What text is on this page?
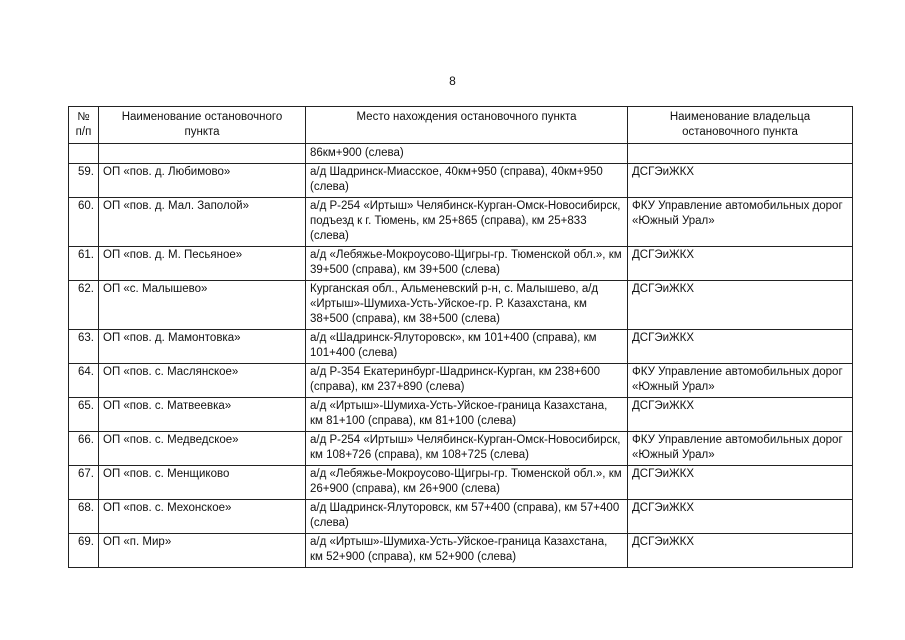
8
№ п/п	Наименование остановочного пункта	Место нахождения остановочного пункта	Наименование владельца остановочного пункта
		86км+900 (слева)	
59.	ОП «пов. д. Любимово»	а/д Шадринск-Миасское, 40км+950 (справа), 40км+950 (слева)	ДСГЭиЖКХ
60.	ОП «пов. д. Мал. Заполой»	а/д Р-254 «Иртыш» Челябинск-Курган-Омск-Новосибирск, подъезд к г. Тюмень, км 25+865 (справа), км 25+833 (слева)	ФКУ Управление автомобильных дорог «Южный Урал»
61.	ОП «пов. д. М. Песьяное»	а/д «Лебяжье-Мокроусово-Щигры-гр. Тюменской обл.», км 39+500 (справа), км 39+500 (слева)	ДСГЭиЖКХ
62.	ОП «с. Малышево»	Курганская обл., Альменевский р-н, с. Малышево, а/д «Иртыш»-Шумиха-Усть-Уйское-гр. Р. Казахстана, км 38+500 (справа), км 38+500 (слева)	ДСГЭиЖКХ
63.	ОП «пов. д. Мамонтовка»	а/д «Шадринск-Ялуторовск», км 101+400 (справа), км 101+400 (слева)	ДСГЭиЖКХ
64.	ОП «пов. с. Маслянское»	а/д Р-354 Екатеринбург-Шадринск-Курган, км 238+600 (справа), км 237+890 (слева)	ФКУ Управление автомобильных дорог «Южный Урал»
65.	ОП «пов. с. Матвеевка»	а/д «Иртыш»-Шумиха-Усть-Уйское-граница Казахстана, км 81+100 (справа), км 81+100 (слева)	ДСГЭиЖКХ
66.	ОП «пов. с. Медведское»	а/д Р-254 «Иртыш» Челябинск-Курган-Омск-Новосибирск, км 108+726 (справа), км 108+725 (слева)	ФКУ Управление автомобильных дорог «Южный Урал»
67.	ОП «пов. с. Менщиково	а/д «Лебяжье-Мокроусово-Щигры-гр. Тюменской обл.», км 26+900 (справа), км 26+900 (слева)	ДСГЭиЖКХ
68.	ОП «пов. с. Мехонское»	а/д Шадринск-Ялуторовск, км 57+400 (справа), км 57+400 (слева)	ДСГЭиЖКХ
69.	ОП «п. Мир»	а/д «Иртыш»-Шумиха-Усть-Уйское-граница Казахстана, км 52+900 (справа), км 52+900 (слева)	ДСГЭиЖКХ
